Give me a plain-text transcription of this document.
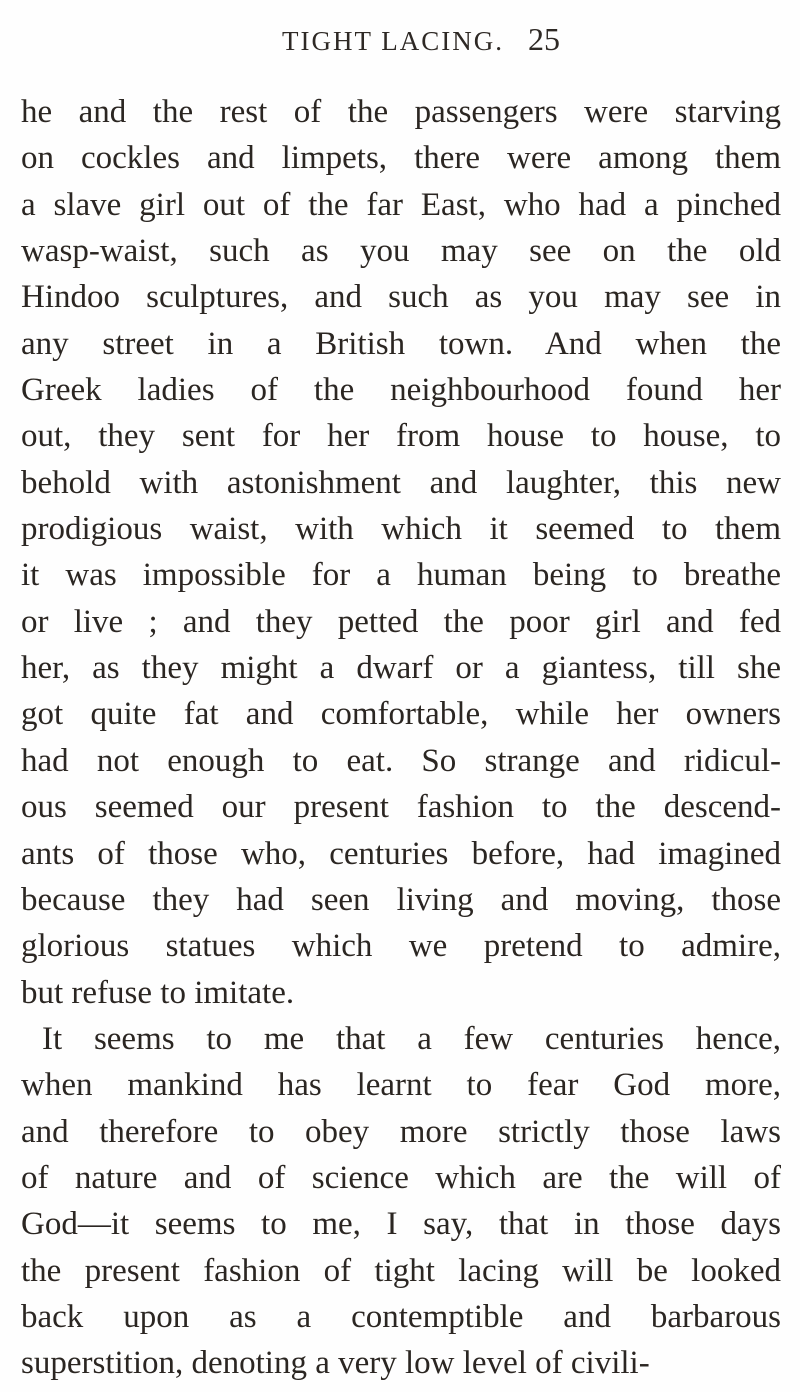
TIGHT LACING. 25
he and the rest of the passengers were starving
on cockles and limpets, there were among them
a slave girl out of the far East, who had a pinched
wasp-waist, such as you may see on the old
Hindoo sculptures, and such as you may see in
any street in a British town. And when the
Greek ladies of the neighbourhood found her
out, they sent for her from house to house, to
behold with astonishment and laughter, this new
prodigious waist, with which it seemed to them
it was impossible for a human being to breathe
or live ; and they petted the poor girl and fed
her, as they might a dwarf or a giantess, till she
got quite fat and comfortable, while her owners
had not enough to eat. So strange and ridicul-
ous seemed our present fashion to the descend-
ants of those who, centuries before, had imagined
because they had seen living and moving, those
glorious statues which we pretend to admire,
but refuse to imitate.
It seems to me that a few centuries hence,
when mankind has learnt to fear God more,
and therefore to obey more strictly those laws
of nature and of science which are the will of
God—it seems to me, I say, that in those days
the present fashion of tight lacing will be looked
back upon as a contemptible and barbarous
superstition, denoting a very low level of civili-
